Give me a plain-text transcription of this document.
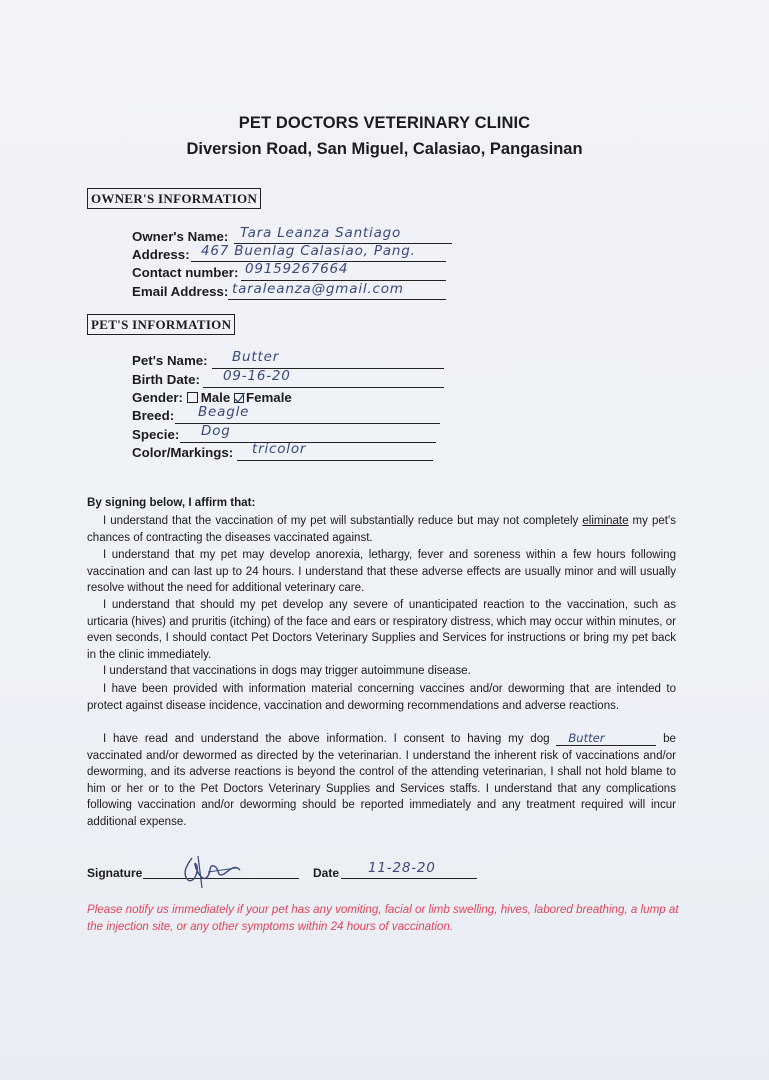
PET DOCTORS VETERINARY CLINIC
Diversion Road, San Miguel, Calasiao, Pangasinan
OWNER'S INFORMATION
Owner's Name: Tara Leanza Santiago
Address: 467 Buenlag Calasiao, Pang.
Contact number: 09159267664
Email Address: taraleanza@gmail.com
PET'S INFORMATION
Pet's Name: Butter
Birth Date: 09-16-20
Gender: Male Female
Breed: Beagle
Specie: Dog
Color/Markings: tricolor
By signing below, I affirm that:
I understand that the vaccination of my pet will substantially reduce but may not completely eliminate my pet's chances of contracting the diseases vaccinated against.
I understand that my pet may develop anorexia, lethargy, fever and soreness within a few hours following vaccination and can last up to 24 hours. I understand that these adverse effects are usually minor and will usually resolve without the need for additional veterinary care.
I understand that should my pet develop any severe of unanticipated reaction to the vaccination, such as urticaria (hives) and pruritis (itching) of the face and ears or respiratory distress, which may occur within minutes, or even seconds, I should contact Pet Doctors Veterinary Supplies and Services for instructions or bring my pet back in the clinic immediately.
I understand that vaccinations in dogs may trigger autoimmune disease.
I have been provided with information material concerning vaccines and/or deworming that are intended to protect against disease incidence, vaccination and deworming recommendations and adverse reactions.
I have read and understand the above information. I consent to having my dog Butter	be vaccinated and/or dewormed as directed by the veterinarian. I understand the inherent risk of vaccinations and/or deworming, and its adverse reactions is beyond the control of the attending veterinarian, I shall not hold blame to him or her or to the Pet Doctors Veterinary Supplies and Services staffs. I understand that any complications following vaccination and/or deworming should be reported immediately and any treatment required will incur additional expense.
Signature	Date 11-28-20
Please notify us immediately if your pet has any vomiting, facial or limb swelling, hives, labored breathing, a lump at the injection site, or any other symptoms within 24 hours of vaccination.
